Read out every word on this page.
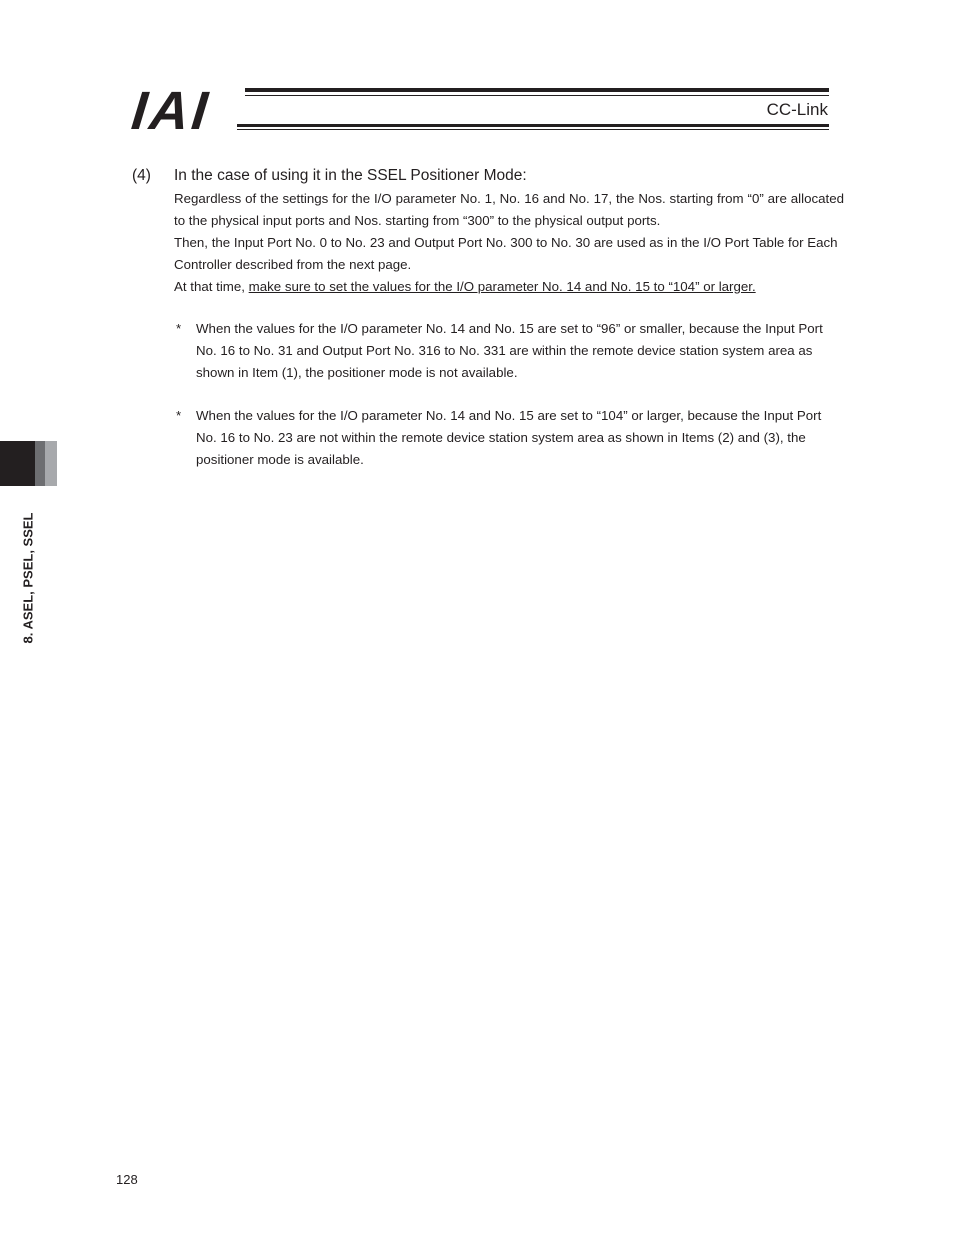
IAI	CC-Link
(4) In the case of using it in the SSEL Positioner Mode:

Regardless of the settings for the I/O parameter No. 1, No. 16 and No. 17, the Nos. starting from “0” are allocated to the physical input ports and Nos. starting from “300” to the physical output ports.

Then, the Input Port No. 0 to No. 23 and Output Port No. 300 to No. 30 are used as in the I/O Port Table for Each Controller described from the next page.

At that time, make sure to set the values for the I/O parameter No. 14 and No. 15 to “104” or larger.

* When the values for the I/O parameter No. 14 and No. 15 are set to “96” or smaller, because the Input Port No. 16 to No. 31 and Output Port No. 316 to No. 331 are within the remote device station system area as shown in Item (1), the positioner mode is not available.
* When the values for the I/O parameter No. 14 and No. 15 are set to “104” or larger, because the Input Port No. 16 to No. 23 are not within the remote device station system area as shown in Items (2) and (3), the positioner mode is available.
8. ASEL, PSEL, SSEL
128
